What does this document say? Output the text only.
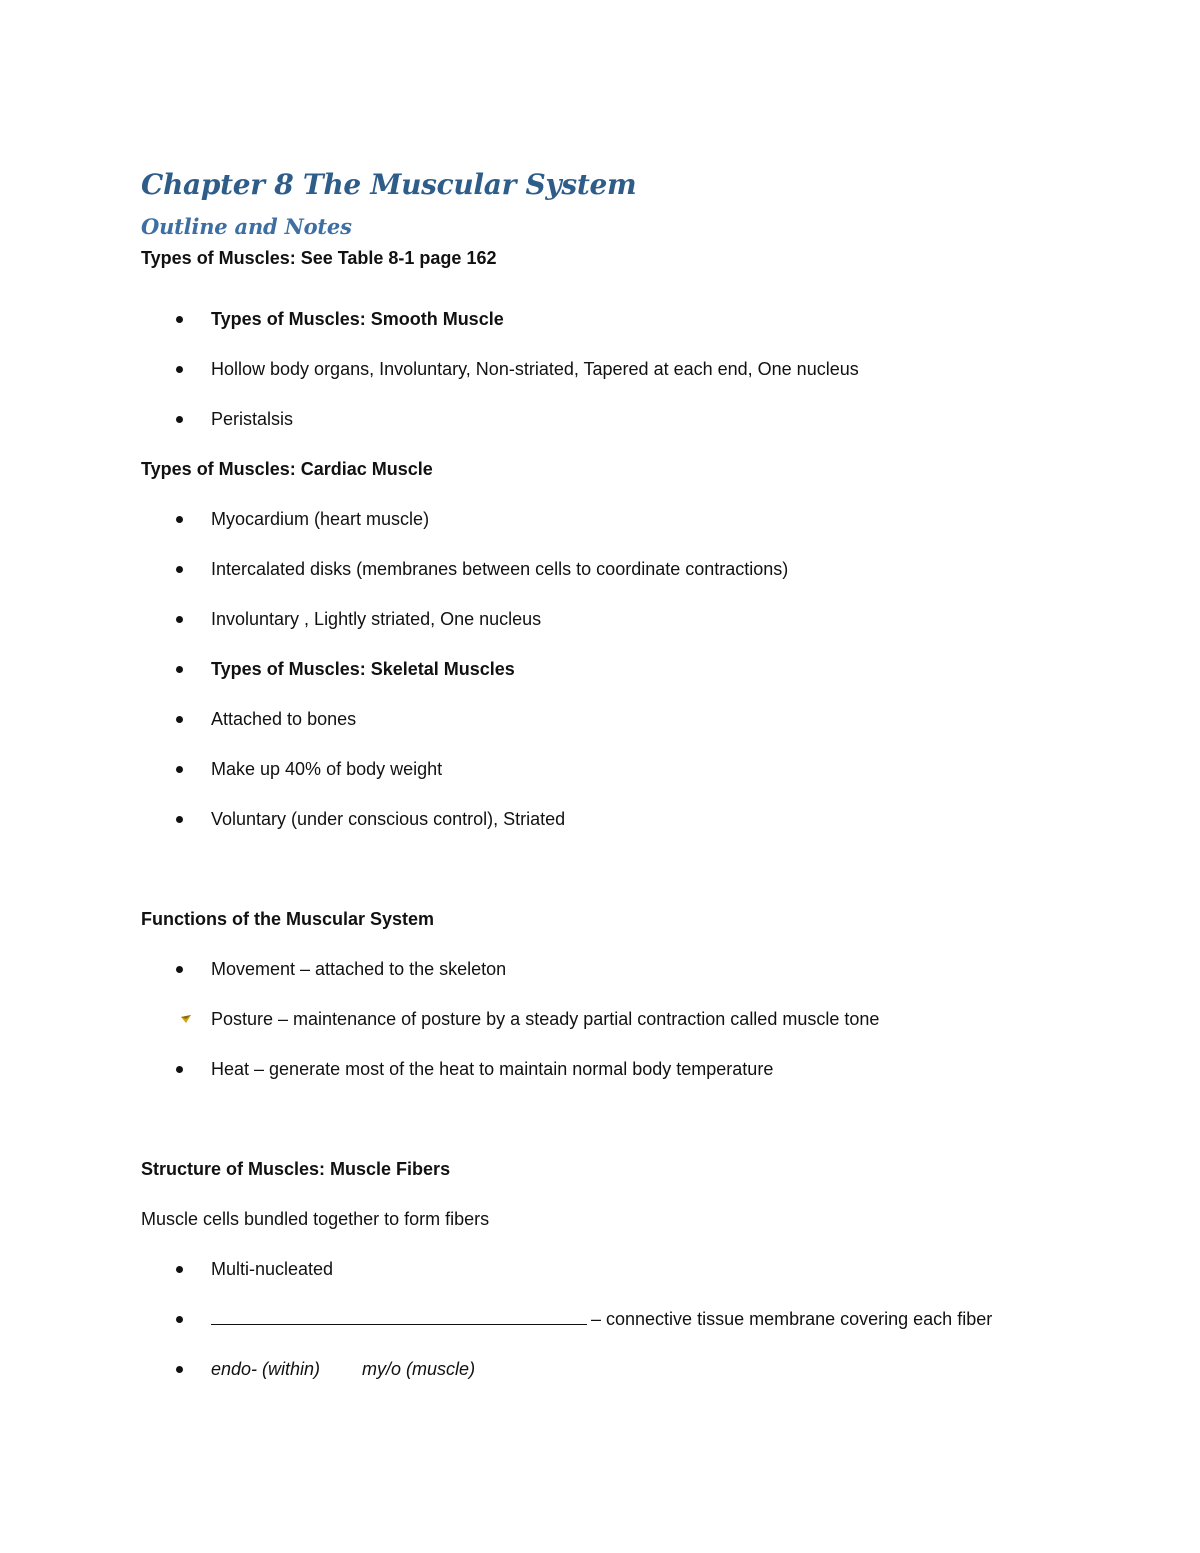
Chapter 8 The Muscular System
Outline and Notes
Types of Muscles: See Table 8-1 page 162
Types of Muscles: Smooth Muscle
Hollow body organs, Involuntary, Non-striated, Tapered at each end, One nucleus
Peristalsis
Types of Muscles: Cardiac Muscle
Myocardium (heart muscle)
Intercalated disks (membranes between cells to coordinate contractions)
Involuntary , Lightly striated, One nucleus
Types of Muscles: Skeletal Muscles
Attached to bones
Make up 40% of body weight
Voluntary (under conscious control), Striated
Functions of the Muscular System
Movement – attached to the skeleton
Posture – maintenance of posture by a steady partial contraction called muscle tone
Heat – generate most of the heat to maintain normal body temperature
Structure of Muscles: Muscle Fibers
Muscle cells bundled together to form fibers
Multi-nucleated
– connective tissue membrane covering each fiber
endo- (within) my/o (muscle)
